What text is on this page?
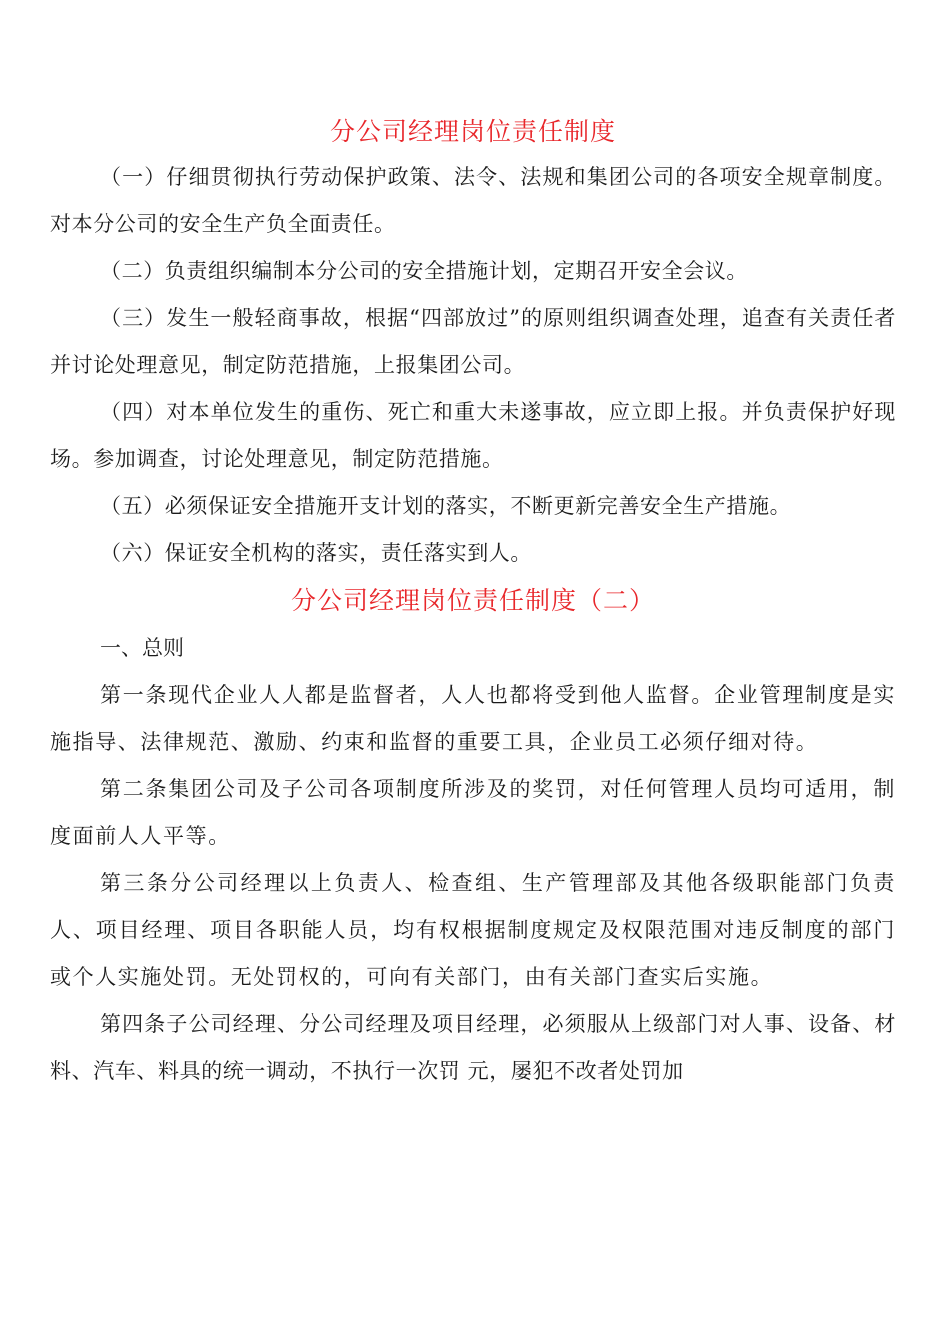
分公司经理岗位责任制度

（一）仔细贯彻执行劳动保护政策、法令、法规和集团公司的各项安全规章制度。对本分公司的安全生产负全面责任。

（二）负责组织编制本分公司的安全措施计划，定期召开安全会议。

（三）发生一般轻商事故，根据“四部放过”的原则组织调查处理，追查有关责任者并讨论处理意见，制定防范措施，上报集团公司。

（四）对本单位发生的重伤、死亡和重大未遂事故，应立即上报。并负责保护好现场。参加调查，讨论处理意见，制定防范措施。

（五）必须保证安全措施开支计划的落实，不断更新完善安全生产措施。

（六）保证安全机构的落实，责任落实到人。

分公司经理岗位责任制度（二）

一、总则

第一条现代企业人人都是监督者，人人也都将受到他人监督。企业管理制度是实施指导、法律规范、激励、约束和监督的重要工具，企业员工必须仔细对待。

第二条集团公司及子公司各项制度所涉及的奖罚，对任何管理人员均可适用，制度面前人人平等。

第三条分公司经理以上负责人、检查组、生产管理部及其他各级职能部门负责人、项目经理、项目各职能人员，均有权根据制度规定及权限范围对违反制度的部门或个人实施处罚。无处罚权的，可向有关部门，由有关部门查实后实施。

第四条子公司经理、分公司经理及项目经理，必须服从上级部门对人事、设备、材料、汽车、料具的统一调动，不执行一次罚 元，屡犯不改者处罚加
